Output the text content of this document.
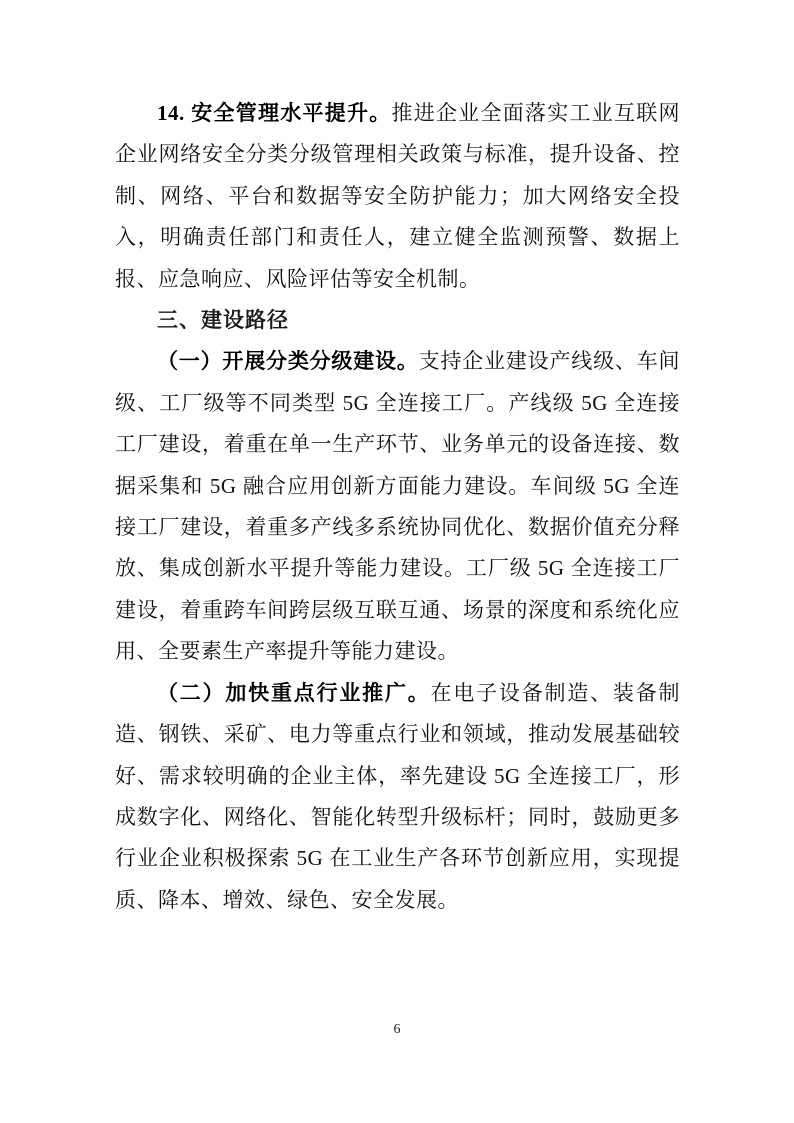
14. 安全管理水平提升。推进企业全面落实工业互联网企业网络安全分类分级管理相关政策与标准，提升设备、控制、网络、平台和数据等安全防护能力；加大网络安全投入，明确责任部门和责任人，建立健全监测预警、数据上报、应急响应、风险评估等安全机制。

三、建设路径

（一）开展分类分级建设。支持企业建设产线级、车间级、工厂级等不同类型 5G 全连接工厂。产线级 5G 全连接工厂建设，着重在单一生产环节、业务单元的设备连接、数据采集和 5G 融合应用创新方面能力建设。车间级 5G 全连接工厂建设，着重多产线多系统协同优化、数据价值充分释放、集成创新水平提升等能力建设。工厂级 5G 全连接工厂建设，着重跨车间跨层级互联互通、场景的深度和系统化应用、全要素生产率提升等能力建设。

（二）加快重点行业推广。在电子设备制造、装备制造、钢铁、采矿、电力等重点行业和领域，推动发展基础较好、需求较明确的企业主体，率先建设 5G 全连接工厂，形成数字化、网络化、智能化转型升级标杆；同时，鼓励更多行业企业积极探索 5G 在工业生产各环节创新应用，实现提质、降本、增效、绿色、安全发展。

6
